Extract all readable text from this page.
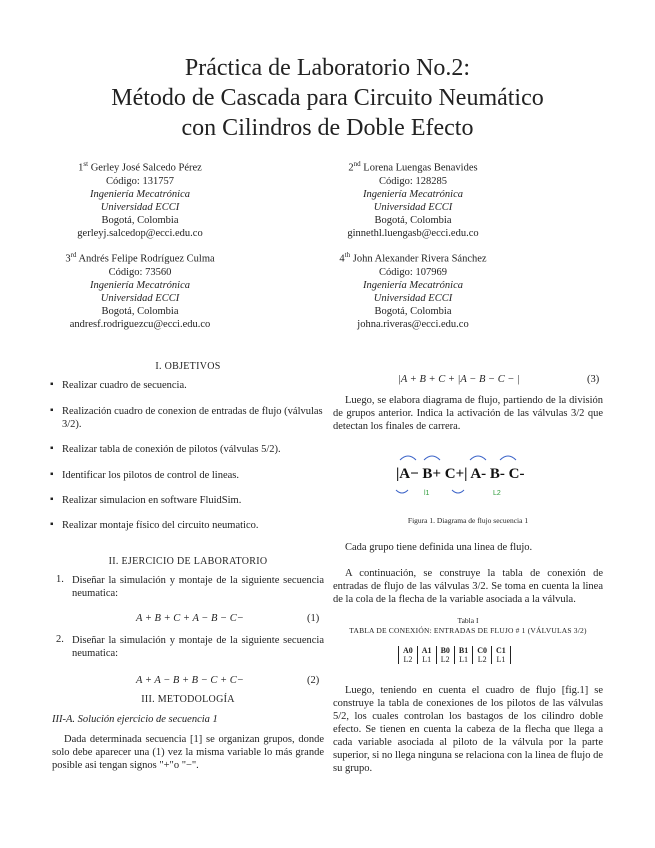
Práctica de Laboratorio No.2:
Método de Cascada para Circuito Neumático
con Cilindros de Doble Efecto
1st Gerley José Salcedo Pérez
Código: 131757
Ingeniería Mecatrónica
Universidad ECCI
Bogotá, Colombia
gerleyj.salcedop@ecci.edu.co
2nd Lorena Luengas Benavides
Código: 128285
Ingeniería Mecatrónica
Universidad ECCI
Bogotá, Colombia
ginnethl.luengasb@ecci.edu.co
3rd Andrés Felipe Rodríguez Culma
Código: 73560
Ingeniería Mecatrónica
Universidad ECCI
Bogotá, Colombia
andresf.rodriguezcu@ecci.edu.co
4th John Alexander Rivera Sánchez
Código: 107969
Ingeniería Mecatrónica
Universidad ECCI
Bogotá, Colombia
johna.riveras@ecci.edu.co
I. OBJETIVOS
▪ Realizar cuadro de secuencia.
▪ Realización cuadro de conexion de entradas de flujo (válvulas 3/2).
▪ Realizar tabla de conexión de pilotos (válvulas 5/2).
▪ Identificar los pilotos de control de lineas.
▪ Realizar simulacion en software FluidSim.
▪ Realizar montaje físico del circuito neumatico.
II. EJERCICIO DE LABORATORIO
1. Diseñar la simulación y montaje de la siguiente secuencia neumatica:
A + B + C + A − B − C−	(1)
2. Diseñar la simulación y montaje de la siguiente secuencia neumatica:
A + A − B + B − C + C−	(2)
III. METODOLOGÍA
III-A. Solución ejercicio de secuencia 1
Dada determinada secuencia [1] se organizan grupos, donde solo debe aparecer una (1) vez la misma variable lo más grande posible asi tengan signos "+"o "−".
|A + B + C + |A − B − C − |	(3)
Luego, se elabora diagrama de flujo, partiendo de la división de grupos anterior. Indica la activación de las válvulas 3/2 que detectan los finales de carrera.
|A− B+ C+| A- B- C-
l1	L2
Figura 1. Diagrama de flujo secuencia 1
Cada grupo tiene definida una linea de flujo.
A continuación, se construye la tabla de conexión de entradas de flujo de las válvulas 3/2. Se toma en cuenta la linea de la cola de la flecha de la variable asociada a la válvula.
Tabla I
TABLA DE CONEXIÓN: ENTRADAS DE FLUJO # 1 (VÁLVULAS 3/2)
A0	A1	B0	B1	C0	C1
L2	L1	L2	L1	L2	L1
Luego, teniendo en cuenta el cuadro de flujo [fig.1] se construye la tabla de conexiones de los pilotos de las válvulas 5/2, los cuales controlan los bastagos de los cilindro doble efecto. Se tienen en cuenta la cabeza de la flecha que llega a cada variable asociada al piloto de la válvula por la parte superior, si no llega ninguna se relaciona con la linea de flujo de su grupo.
